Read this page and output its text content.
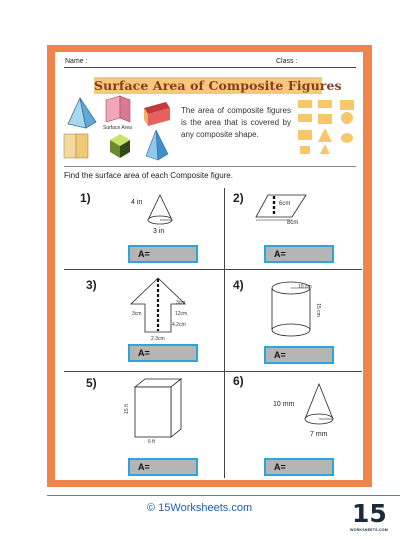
Name :	Class :
Surface Area of Composite Figures
Surface Area
The area of composite figures is the area that is covered by any composite shape.
Find the surface area of each Composite figure.
1)	4 in
3 in
A=
2)	6cm
8cm
A=
3)
12cm
3cm
3cm
4.2cm
2.3cm
A=
4)	10 cm
15 cm
A=
5)
15 ft
6 ft
A=
6)
10 mm
7 mm
A=
© 15Worksheets.com	15
WORKSHEETS.COM
